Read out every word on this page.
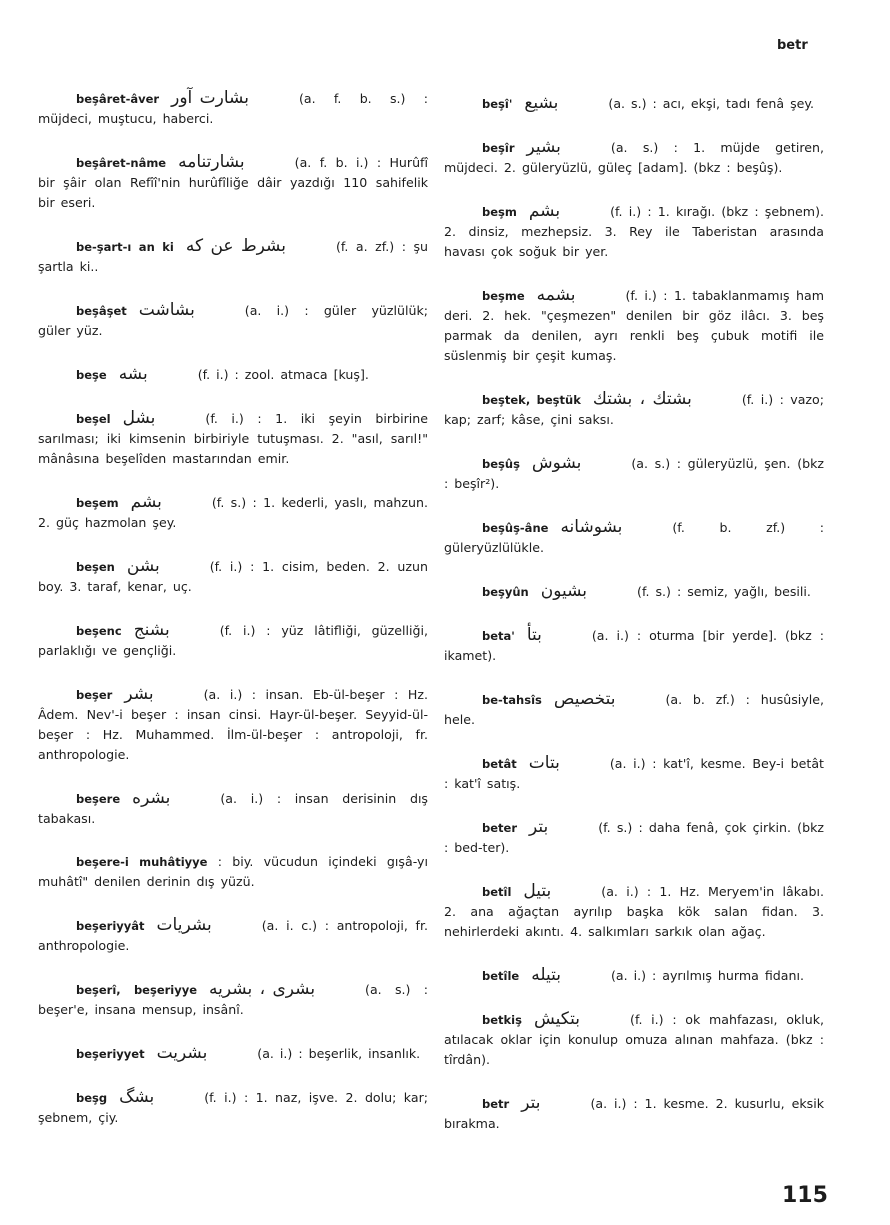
betr
beşâret-âver بشارت آور	(a. f. b. s.) : müjdeci, muştucu, haberci.
beşâret-nâme بشارتنامه	(a. f. b. i.) : Hurûfî bir şâir olan Refîî'nin hurûfîliğe dâir yazdığı 110 sahifelik bir eseri.
be-şart-ı an ki بشرط عن كه	(f. a. zf.) : şu şartla ki..
beşâşet بشاشت	(a. i.) : güler yüzlülük; güler yüz.
beşe بشه	(f. i.) : zool. atmaca [kuş].
beşel بشل	(f. i.) : 1. iki şeyin birbirine sarılması; iki kimsenin birbiriyle tutuşması. 2. "asıl, sarıl!" mânâsına beşelîden mastarından emir.
beşem بشم	(f. s.) : 1. kederli, yaslı, mahzun. 2. güç hazmolan şey.
beşen بشن	(f. i.) : 1. cisim, beden. 2. uzun boy. 3. taraf, kenar, uç.
beşenc بشنج	(f. i.) : yüz lâtifliği, güzelliği, parlaklığı ve gençliği.
beşer بشر	(a. i.) : insan. Eb-ül-beşer : Hz. Âdem. Nev'-i beşer : insan cinsi. Hayr-ül-beşer. Seyyid-ül-beşer : Hz. Muhammed. İlm-ül-beşer : antropoloji, fr. anthropologie.
beşere بشره	(a. i.) : insan derisinin dış tabakası.
beşere-i muhâtiyye : biy. vücudun içindeki gışâ-yı muhâtî" denilen derinin dış yüzü.
beşeriyyât بشريات	(a. i. c.) : antropoloji, fr. anthropologie.
beşerî, beşeriyye بشرى ، بشريه	(a. s.) : beşer'e, insana mensup, insânî.
beşeriyyet بشريت	(a. i.) : beşerlik, insanlık.
beşg بشگ	(f. i.) : 1. naz, işve. 2. dolu; kar; şebnem, çiy.
beşî' بشيع	(a. s.) : acı, ekşi, tadı fenâ şey.
beşîr بشير	(a. s.) : 1. müjde getiren, müjdeci. 2. güleryüzlü, güleç [adam]. (bkz : beşûş).
beşm بشم	(f. i.) : 1. kırağı. (bkz : şebnem). 2. dinsiz, mezhepsiz. 3. Rey ile Taberistan arasında havası çok soğuk bir yer.
beşme بشمه	(f. i.) : 1. tabaklanmamış ham deri. 2. hek. "çeşmezen" denilen bir göz ilâcı. 3. beş parmak da denilen, ayrı renkli beş çubuk motifi ile süslenmiş bir çeşit kumaş.
beştek, beştük بشتك ، بشتك	(f. i.) : vazo; kap; zarf; kâse, çini saksı.
beşûş بشوش	(a. s.) : güleryüzlü, şen. (bkz : beşîr²).
beşûş-âne بشوشانه	(f. b. zf.) : güleryüzlülükle.
beşyûn بشيون	(f. s.) : semiz, yağlı, besili.
beta' بتأ	(a. i.) : oturma [bir yerde]. (bkz : ikamet).
be-tahsîs بتخصيص	(a. b. zf.) : husûsiyle, hele.
betât بتات	(a. i.) : kat'î, kesme. Bey-i betât : kat'î satış.
beter بتر	(f. s.) : daha fenâ, çok çirkin. (bkz : bed-ter).
betîl بتيل	(a. i.) : 1. Hz. Meryem'in lâkabı. 2. ana ağaçtan ayrılıp başka kök salan fidan. 3. nehirlerdeki akıntı. 4. salkımları sarkık olan ağaç.
betîle بتيله	(a. i.) : ayrılmış hurma fidanı.
betkiş بتكيش	(f. i.) : ok mahfazası, okluk, atılacak oklar için konulup omuza alınan mahfaza. (bkz : tîrdân).
betr بتر	(a. i.) : 1. kesme. 2. kusurlu, eksik bırakma.
115
